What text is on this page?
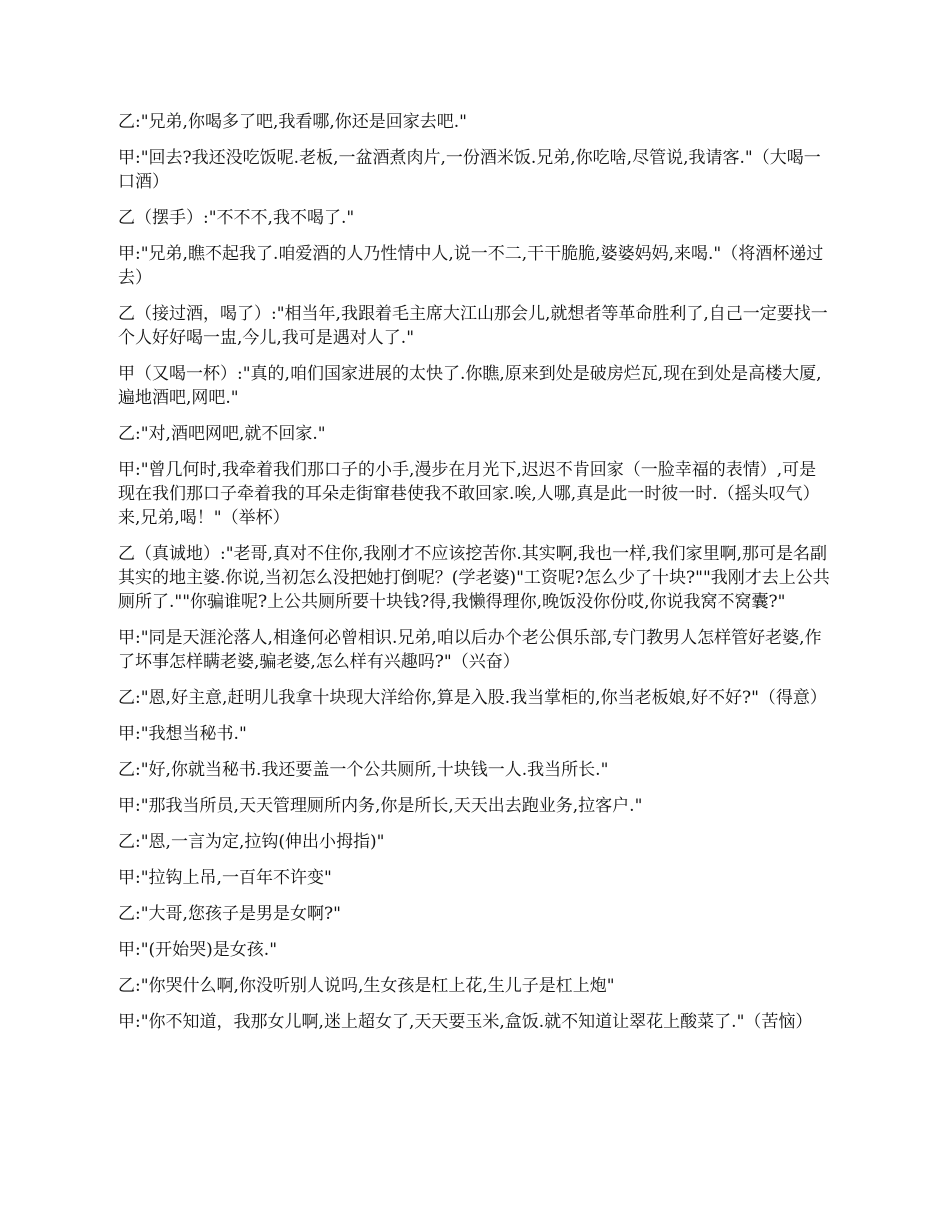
乙:"兄弟,你喝多了吧,我看哪,你还是回家去吧."

甲:"回去?我还没吃饭呢.老板,一盆酒煮肉片,一份酒米饭.兄弟,你吃啥,尽管说,我请客."（大喝一口酒）

乙（摆手）:"不不不,我不喝了."

甲:"兄弟,瞧不起我了.咱爱酒的人乃性情中人,说一不二,干干脆脆,婆婆妈妈,来喝."（将酒杯递过去）

乙（接过酒，喝了）:"相当年,我跟着毛主席大江山那会儿,就想者等革命胜利了,自己一定要找一个人好好喝一盅,今儿,我可是遇对人了."

甲（又喝一杯）:"真的,咱们国家进展的太快了.你瞧,原来到处是破房烂瓦,现在到处是高楼大厦,遍地酒吧,网吧."

乙:"对,酒吧网吧,就不回家."

甲:"曾几何时,我牵着我们那口子的小手,漫步在月光下,迟迟不肯回家（一脸幸福的表情）,可是现在我们那口子牵着我的耳朵走街窜巷使我不敢回家.唉,人哪,真是此一时彼一时.（摇头叹气）来,兄弟,喝！"（举杯）

乙（真诚地）:"老哥,真对不住你,我刚才不应该挖苦你.其实啊,我也一样,我们家里啊,那可是名副其实的地主婆.你说,当初怎么没把她打倒呢？(学老婆)"工资呢?怎么少了十块?""我刚才去上公共厕所了.""你骗谁呢?上公共厕所要十块钱?得,我懒得理你,晚饭没你份哎,你说我窝不窝囊?"

甲:"同是天涯沦落人,相逢何必曾相识.兄弟,咱以后办个老公俱乐部,专门教男人怎样管好老婆,作了坏事怎样瞒老婆,骗老婆,怎么样有兴趣吗?"（兴奋）

乙:"恩,好主意,赶明儿我拿十块现大洋给你,算是入股.我当掌柜的,你当老板娘,好不好?"（得意）

甲:"我想当秘书."

乙:"好,你就当秘书.我还要盖一个公共厕所,十块钱一人.我当所长."

甲:"那我当所员,天天管理厕所内务,你是所长,天天出去跑业务,拉客户."

乙:"恩,一言为定,拉钩(伸出小拇指)"

甲:"拉钩上吊,一百年不许变"

乙:"大哥,您孩子是男是女啊?"

甲:"(开始哭)是女孩."

乙:"你哭什么啊,你没听别人说吗,生女孩是杠上花,生儿子是杠上炮"

甲:"你不知道，我那女儿啊,迷上超女了,天天要玉米,盒饭.就不知道让翠花上酸菜了."（苦恼）
